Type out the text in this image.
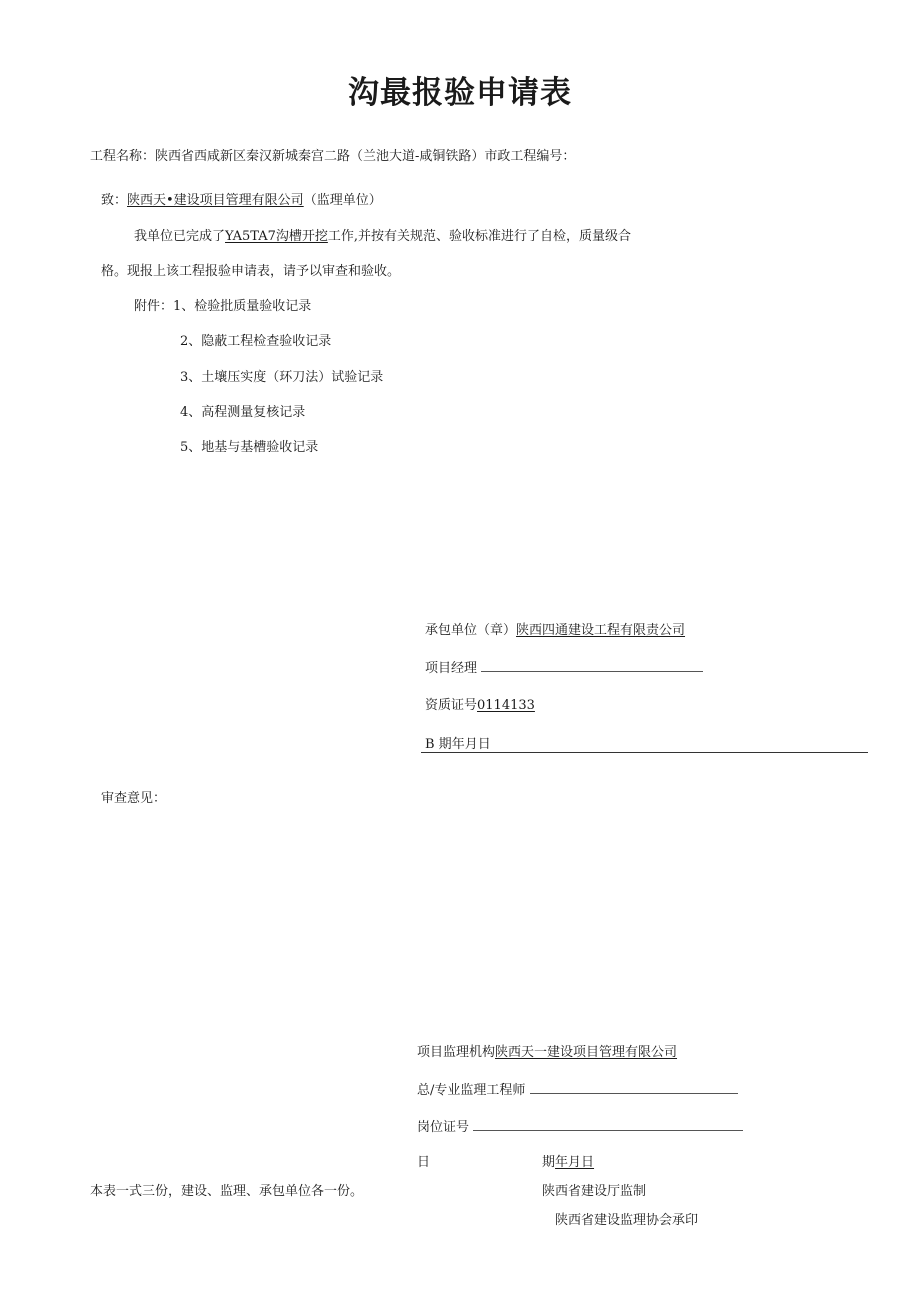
沟最报验申请表
工程名称：陕西省西咸新区秦汉新城秦宫二路（兰池大道-咸铜铁路）市政工程编号：
致：陕西天•建设项目管理有限公司（监理单位）
我单位已完成了YA5TA7沟槽开挖工作,并按有关规范、验收标准进行了自检，质量级合
格。现报上该工程报验申请表，请予以审查和验收。
附件：1、检验批质量验收记录
2、隐蔽工程检查验收记录
3、土壤压实度（环刀法）试验记录
4、高程测量复核记录
5、地基与基槽验收记录
承包单位（章）陕西四通建设工程有限责公司
项目经理
资质证号0114133
B 期年月日
审查意见：
项目监理机构陕西天一建设项目管理有限公司
总/专业监理工程师
岗位证号
日	期年月日
本表一式三份，建设、监理、承包单位各一份。	陕西省建设厅监制
陕西省建设监理协会承印
